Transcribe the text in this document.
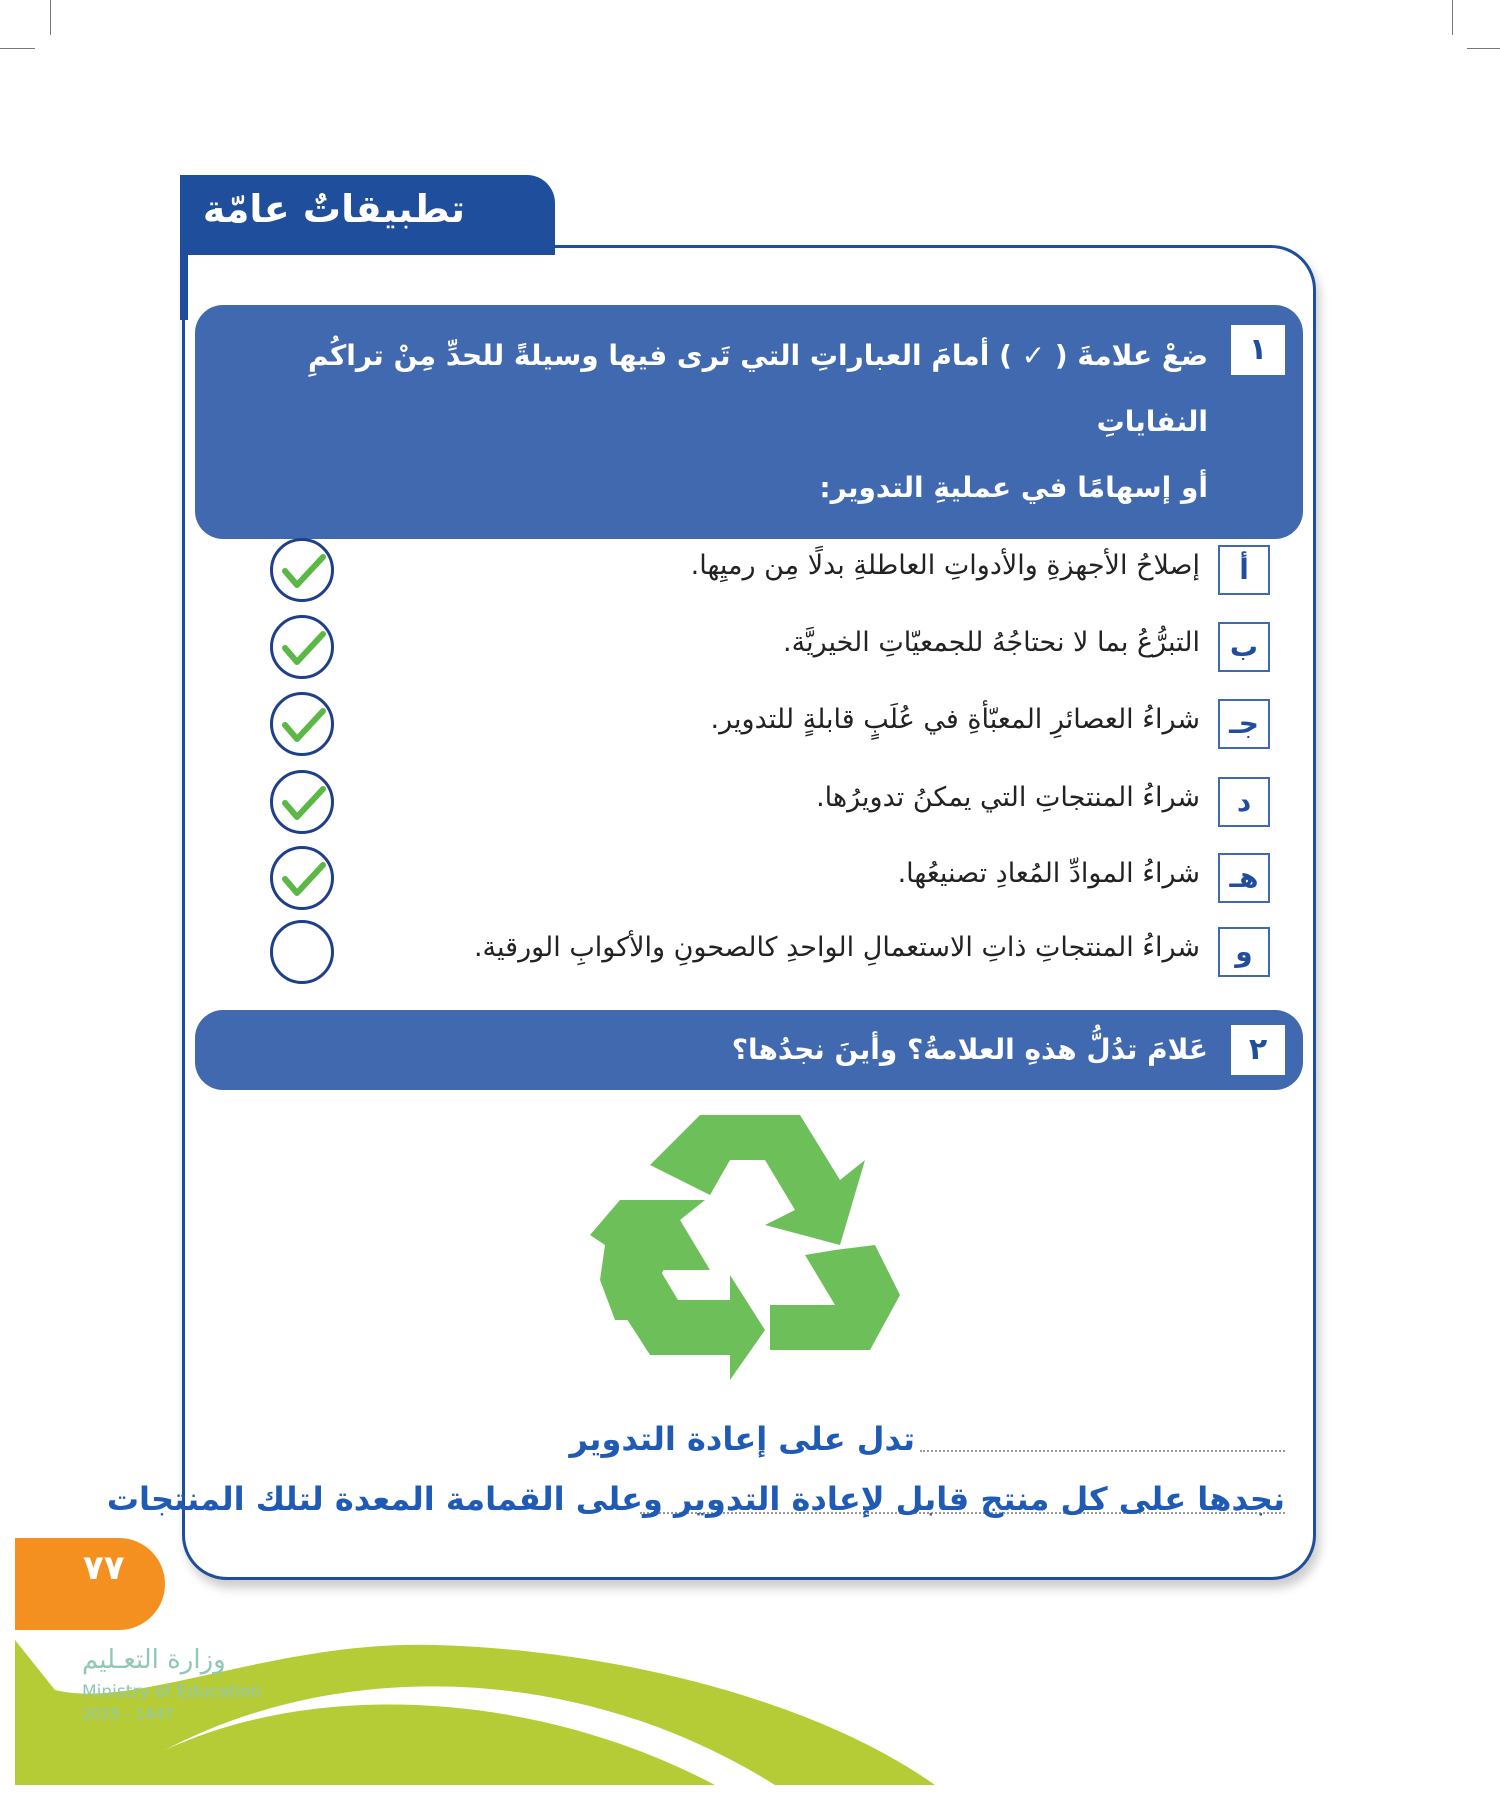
تطبيقاتٌ عامّة
١
ضعْ علامةَ ( ✓ ) أمامَ العباراتِ التي تَرى فيها وسيلةً للحدِّ مِنْ تراكُمِ النفاياتِ
أو إسهامًا في عمليةِ التدوير:
أ
إصلاحُ الأجهزةِ والأدواتِ العاطلةِ بدلًا مِن رميِها.
ب
التبرُّعُ بما لا نحتاجُهُ للجمعيّاتِ الخيريَّة.
جـ
شراءُ العصائرِ المعبّأةِ في عُلَبٍ قابلةٍ للتدوير.
د
شراءُ المنتجاتِ التي يمكنُ تدويرُها.
هـ
شراءُ الموادِّ المُعادِ تصنيعُها.
و
شراءُ المنتجاتِ ذاتِ الاستعمالِ الواحدِ كالصحونِ والأكوابِ الورقية.
٢
عَلامَ تدُلُّ هذهِ العلامةُ؟ وأينَ نجدُها؟
تدل على إعادة التدوير
نجدها على كل منتج قابل لإعادة التدوير وعلى القمامة المعدة لتلك المنتجات
٧٧
وزارة التعـليم
Ministry of Education
2025 - 1447
